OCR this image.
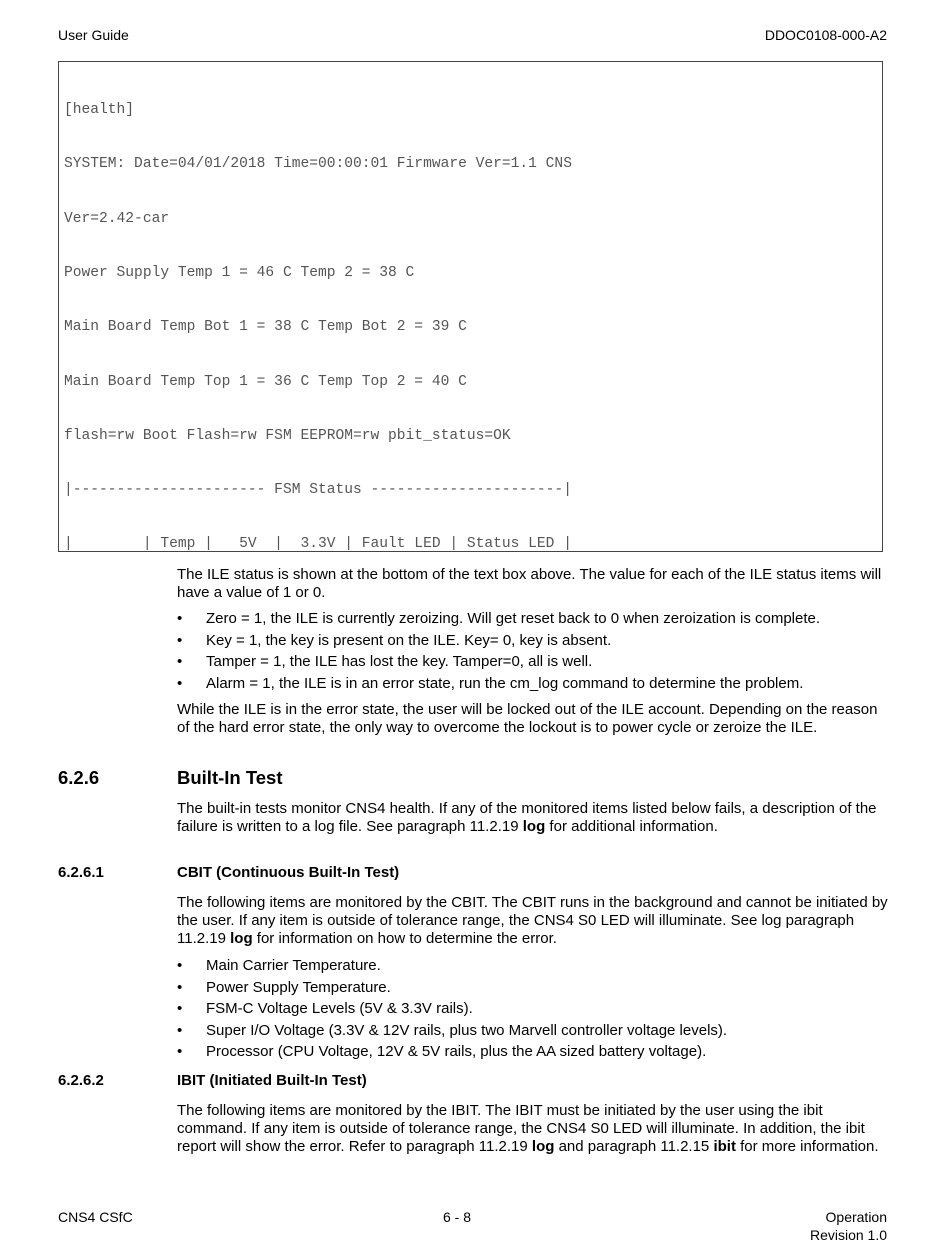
User Guide	DDOC0108-000-A2

[health]

SYSTEM: Date=04/01/2018 Time=00:00:01 Firmware Ver=1.1 CNS

Ver=2.42-car

Power Supply Temp 1 = 46 C Temp 2 = 38 C

Main Board Temp Bot 1 = 38 C Temp Bot 2 = 39 C

Main Board Temp Top 1 = 36 C Temp Top 2 = 40 C

flash=rw Boot Flash=rw FSM EEPROM=rw pbit_status=OK

|---------------------- FSM Status ----------------------|

|        | Temp |   5V  |  3.3V | Fault LED | Status LED |

The ILE status is shown at the bottom of the text box above. The value for each of the ILE status items will have a value of 1 or 0.

• Zero = 1, the ILE is currently zeroizing. Will get reset back to 0 when zeroization is complete.
• Key = 1, the key is present on the ILE. Key= 0, key is absent.
• Tamper = 1, the ILE has lost the key. Tamper=0, all is well.
• Alarm = 1, the ILE is in an error state, run the cm_log command to determine the problem.

While the ILE is in the error state, the user will be locked out of the ILE account. Depending on the reason of the hard error state, the only way to overcome the lockout is to power cycle or zeroize the ILE.

6.2.6	Built-In Test

The built-in tests monitor CNS4 health. If any of the monitored items listed below fails, a description of the failure is written to a log file. See paragraph 11.2.19 log for additional information.

6.2.6.1	CBIT (Continuous Built-In Test)

The following items are monitored by the CBIT. The CBIT runs in the background and cannot be initiated by the user. If any item is outside of tolerance range, the CNS4 S0 LED will illuminate. See log paragraph 11.2.19 log for information on how to determine the error.

• Main Carrier Temperature.
• Power Supply Temperature.
• FSM-C Voltage Levels (5V & 3.3V rails).
• Super I/O Voltage (3.3V & 12V rails, plus two Marvell controller voltage levels).
• Processor (CPU Voltage, 12V & 5V rails, plus the AA sized battery voltage).
6.2.6.2	IBIT (Initiated Built-In Test)

The following items are monitored by the IBIT. The IBIT must be initiated by the user using the ibit command. If any item is outside of tolerance range, the CNS4 S0 LED will illuminate. In addition, the ibit report will show the error. Refer to paragraph 11.2.19 log and paragraph 11.2.15 ibit for more information.

CNS4 CSfC	6 - 8	Operation
Revision 1.0
